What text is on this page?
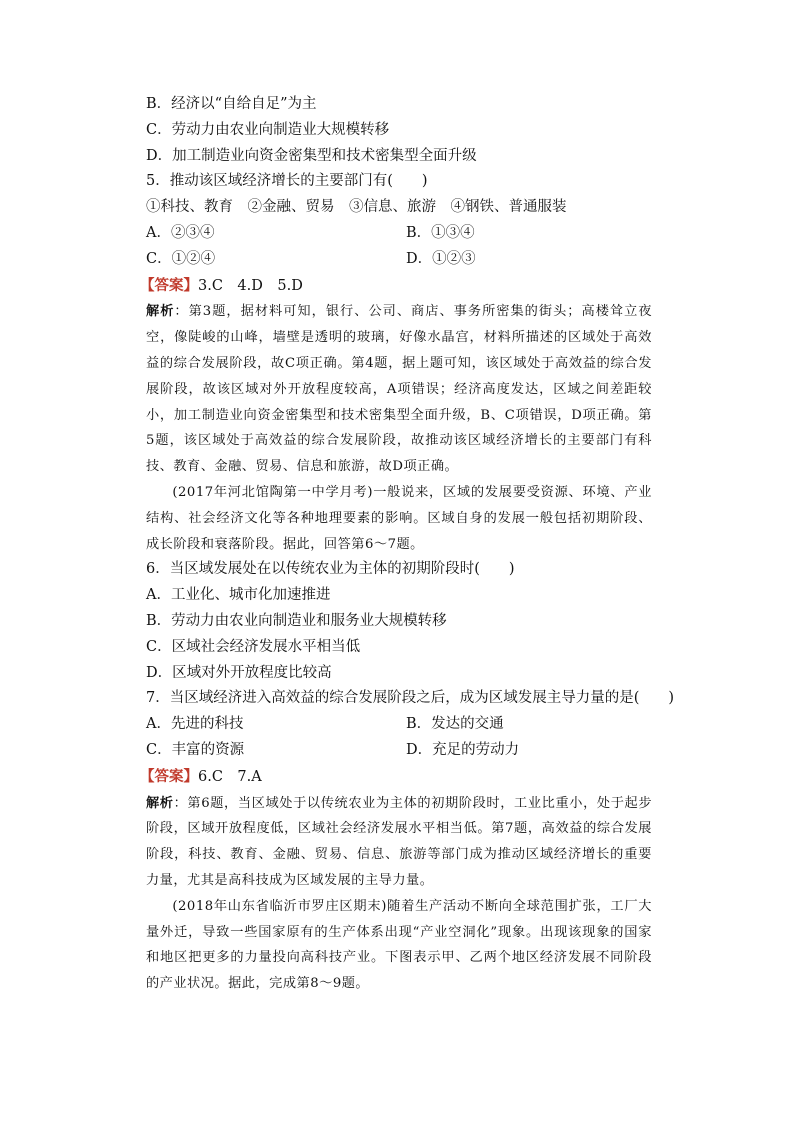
B．经济以“自给自足”为主
C．劳动力由农业向制造业大规模转移
D．加工制造业向资金密集型和技术密集型全面升级
5．推动该区域经济增长的主要部门有(　　)
①科技、教育　②金融、贸易　③信息、旅游　④钢铁、普通服装
A．②③④	B．①③④
C．①②④	D．①②③
【答案】3.C　4.D　5.D
解析：第3题，据材料可知，银行、公司、商店、事务所密集的街头；高楼耸立夜空，像陡峻的山峰，墙壁是透明的玻璃，好像水晶宫，材料所描述的区域处于高效益的综合发展阶段，故C项正确。第4题，据上题可知，该区域处于高效益的综合发展阶段，故该区域对外开放程度较高，A项错误；经济高度发达，区域之间差距较小，加工制造业向资金密集型和技术密集型全面升级，B、C项错误，D项正确。第5题，该区域处于高效益的综合发展阶段，故推动该区域经济增长的主要部门有科技、教育、金融、贸易、信息和旅游，故D项正确。
(2017年河北馆陶第一中学月考)一般说来，区域的发展要受资源、环境、产业结构、社会经济文化等各种地理要素的影响。区域自身的发展一般包括初期阶段、成长阶段和衰落阶段。据此，回答第6～7题。
6．当区域发展处在以传统农业为主体的初期阶段时(　　)
A．工业化、城市化加速推进
B．劳动力由农业向制造业和服务业大规模转移
C．区域社会经济发展水平相当低
D．区域对外开放程度比较高
7．当区域经济进入高效益的综合发展阶段之后，成为区域发展主导力量的是(　　)
A．先进的科技	B．发达的交通
C．丰富的资源	D．充足的劳动力
【答案】6.C　7.A
解析：第6题，当区域处于以传统农业为主体的初期阶段时，工业比重小，处于起步阶段，区域开放程度低，区域社会经济发展水平相当低。第7题，高效益的综合发展阶段，科技、教育、金融、贸易、信息、旅游等部门成为推动区域经济增长的重要力量，尤其是高科技成为区域发展的主导力量。
(2018年山东省临沂市罗庄区期末)随着生产活动不断向全球范围扩张，工厂大量外迁，导致一些国家原有的生产体系出现“产业空洞化”现象。出现该现象的国家和地区把更多的力量投向高科技产业。下图表示甲、乙两个地区经济发展不同阶段的产业状况。据此，完成第8～9题。
